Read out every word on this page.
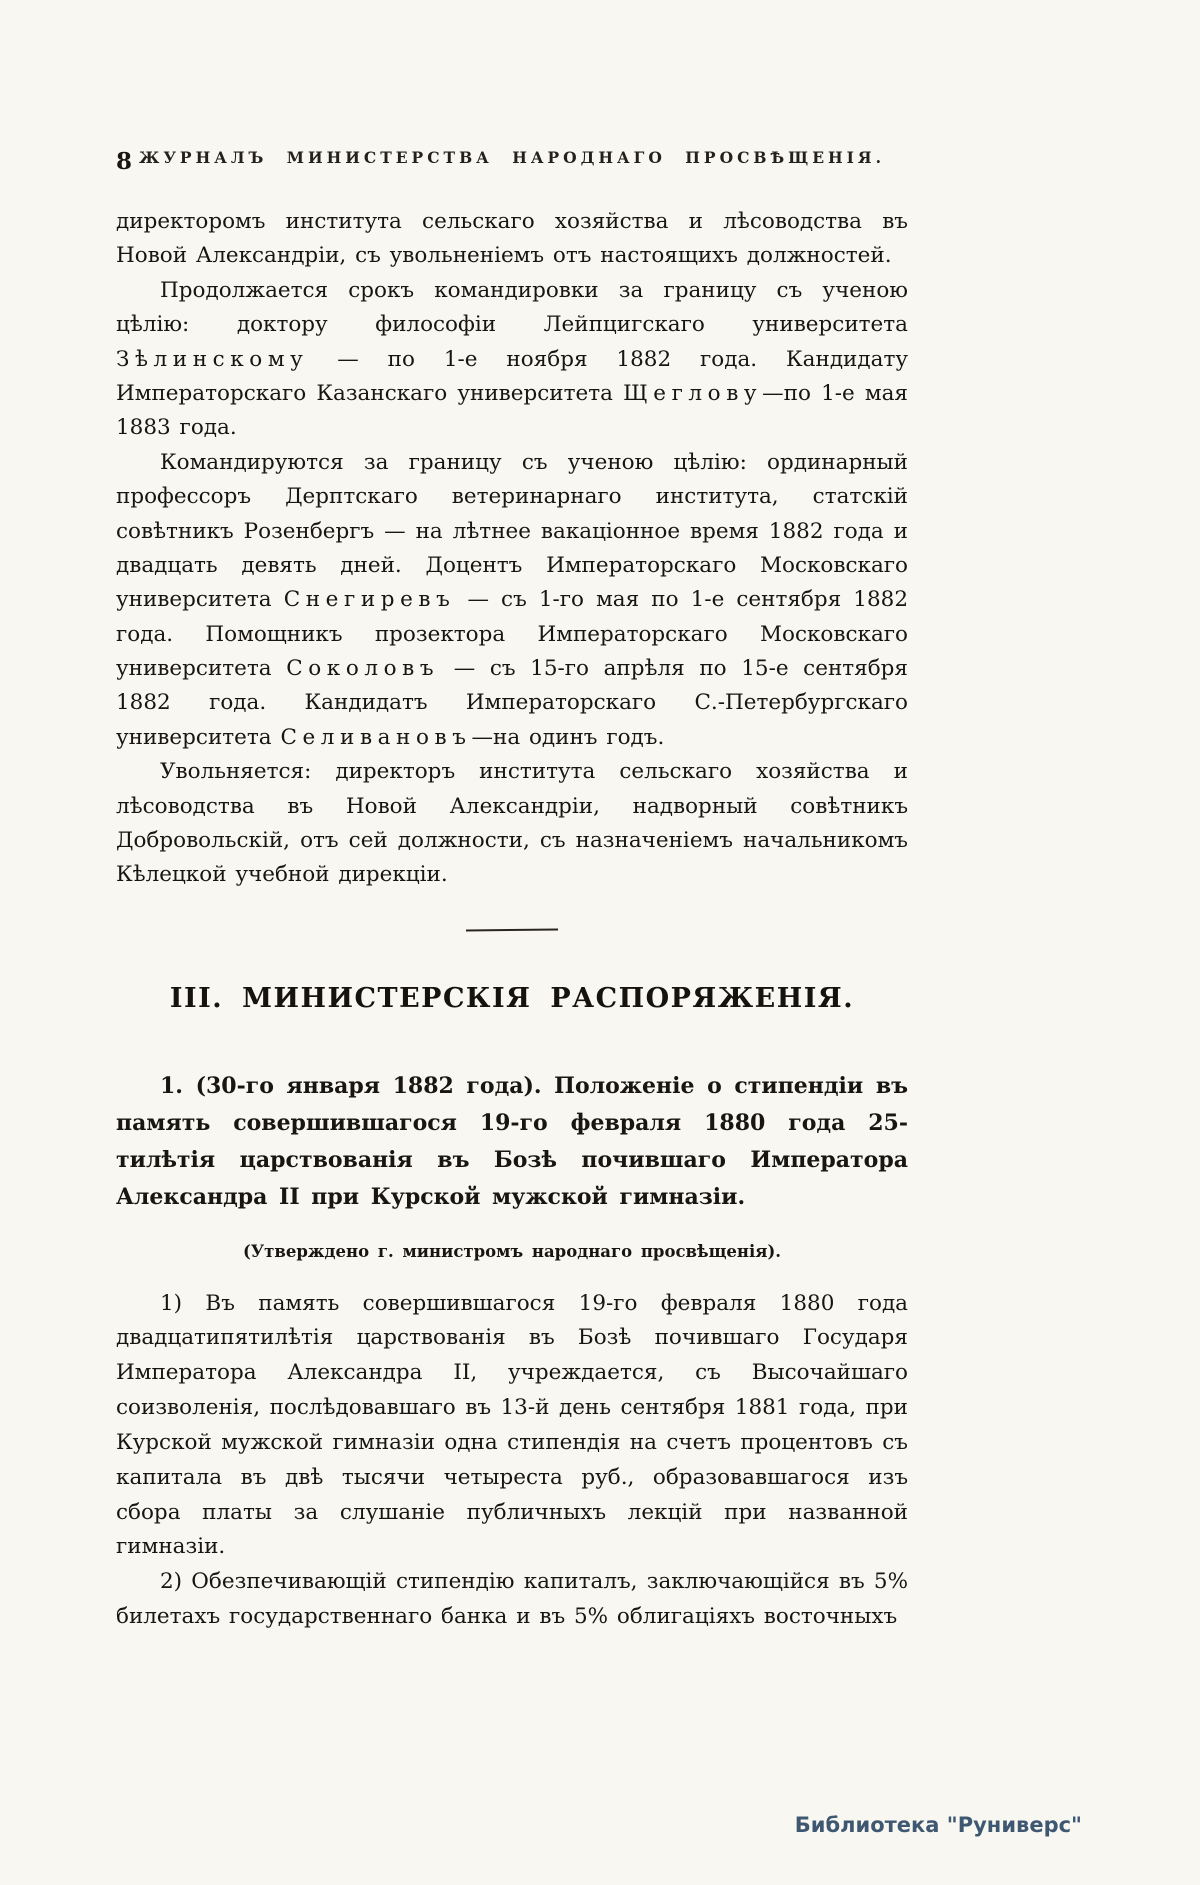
8 ЖУРНАЛЪ МИНИСТЕРСТВА НАРОДНАГО ПРОСВѢЩЕНІЯ.

директоромъ института сельскаго хозяйства и лѣсоводства въ Новой Александріи, съ увольненіемъ отъ настоящихъ должностей.

Продолжается срокъ командировки за границу съ ученою цѣлію: доктору философіи Лейпцигскаго университета Зѣлинскому — по 1-е ноября 1882 года. Кандидату Императорскаго Казанскаго университета Щеглову—по 1-е мая 1883 года.

Командируются за границу съ ученою цѣлію: ординарный профессоръ Дерптскаго ветеринарнаго института, статскій совѣтникъ Розенбергъ — на лѣтнее вакаціонное время 1882 года и двадцать девять дней. Доцентъ Императорскаго Московскаго университета Снегиревъ — съ 1-го мая по 1-е сентября 1882 года. Помощникъ прозектора Императорскаго Московскаго университета Соколовъ — съ 15-го апрѣля по 15-е сентября 1882 года. Кандидатъ Императорскаго С.-Петербургскаго университета Селивановъ—на одинъ годъ.

Увольняется: директоръ института сельскаго хозяйства и лѣсоводства въ Новой Александріи, надворный совѣтникъ Добровольскій, отъ сей должности, съ назначеніемъ начальникомъ Кѣлецкой учебной дирекціи.

III. МИНИСТЕРСКІЯ РАСПОРЯЖЕНІЯ.

1. (30-го января 1882 года). Положеніе о стипендіи въ память совершившагося 19-го февраля 1880 года 25-тилѣтія царствованія въ Бозѣ почившаго Императора Александра II при Курской мужской гимназіи.

(Утверждено г. министромъ народнаго просвѣщенія).

1) Въ память совершившагося 19-го февраля 1880 года двадцатипятилѣтія царствованія въ Бозѣ почившаго Государя Императора Александра II, учреждается, съ Высочайшаго соизволенія, послѣдовавшаго въ 13-й день сентября 1881 года, при Курской мужской гимназіи одна стипендія на счетъ процентовъ съ капитала въ двѣ тысячи четыреста руб., образовавшагося изъ сбора платы за слушаніе публичныхъ лекцій при названной гимназіи.

2) Обезпечивающій стипендію капиталъ, заключающійся въ 5% билетахъ государственнаго банка и въ 5% облигаціяхъ восточныхъ

Библиотека "Руниверс"
